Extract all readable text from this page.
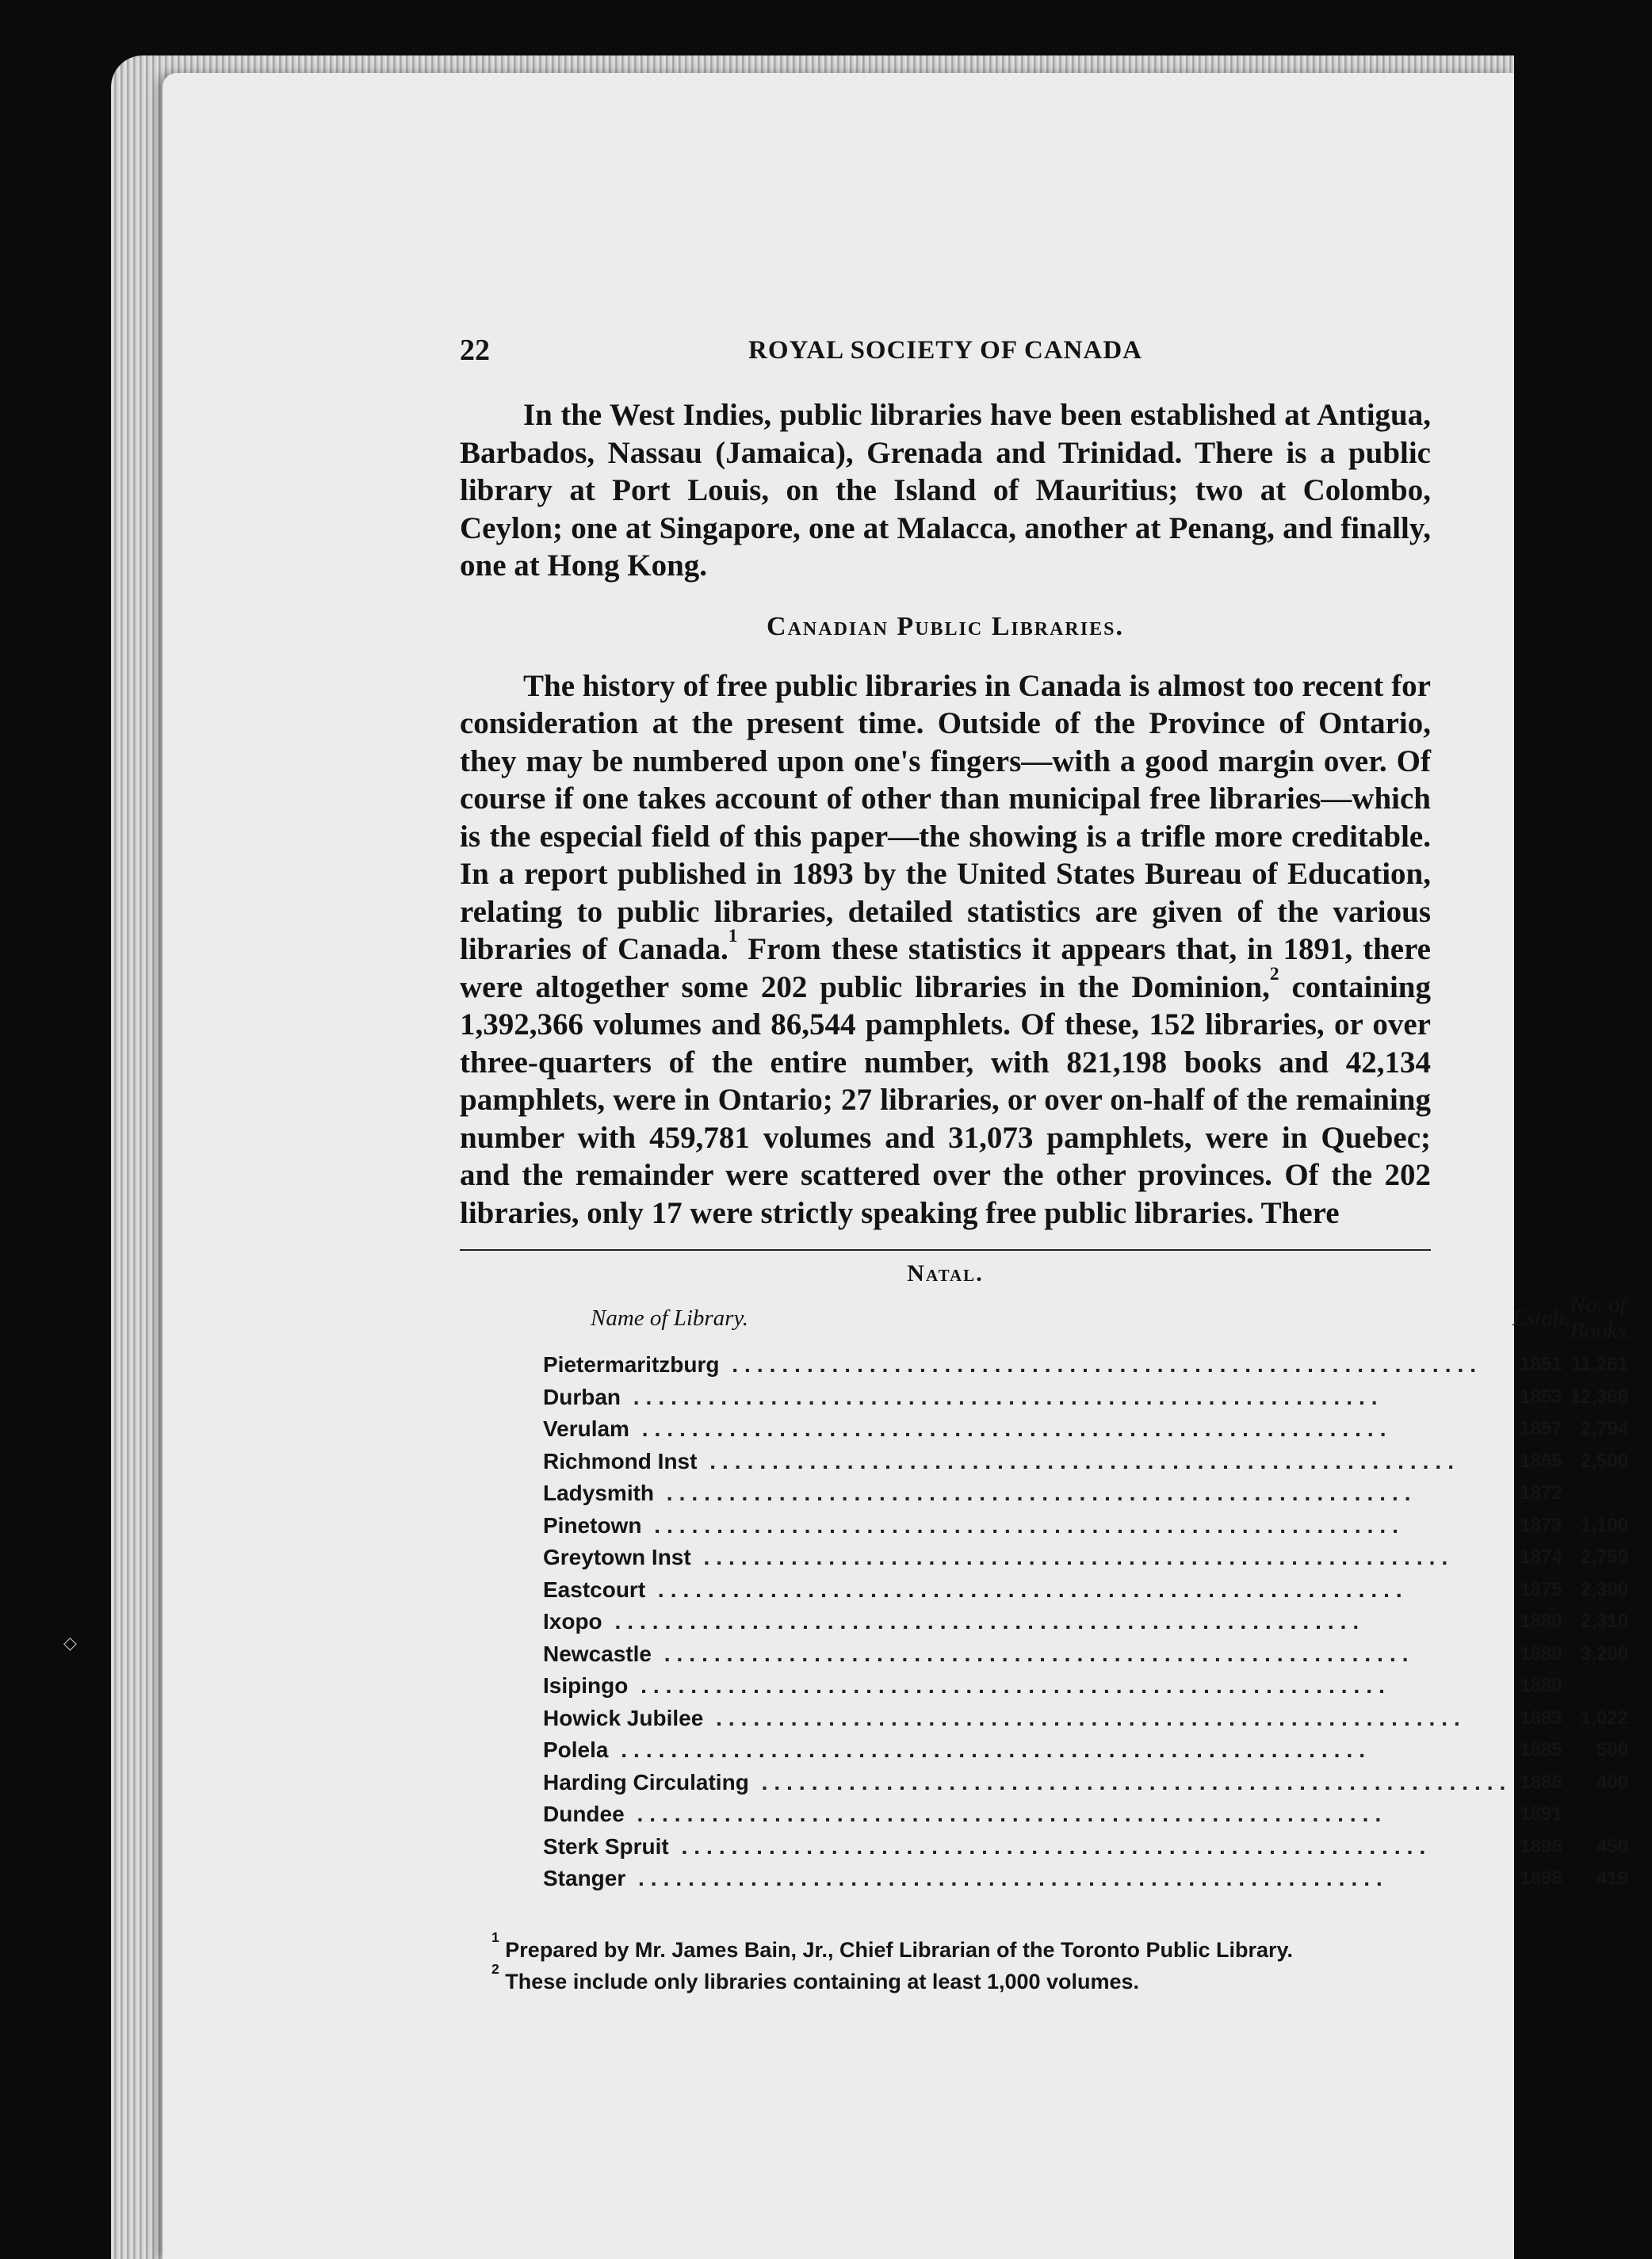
◇
22	ROYAL SOCIETY OF CANADA

In the West Indies, public libraries have been established at Antigua, Barbados, Nassau (Jamaica), Grenada and Trinidad. There is a public library at Port Louis, on the Island of Mauritius; two at Colombo, Ceylon; one at Singapore, one at Malacca, another at Penang, and finally, one at Hong Kong.

Canadian Public Libraries.

The history of free public libraries in Canada is almost too recent for consideration at the present time. Outside of the Province of Ontario, they may be numbered upon one's fingers—with a good margin over. Of course if one takes account of other than municipal free libraries—which is the especial field of this paper—the showing is a trifle more creditable. In a report published in 1893 by the United States Bureau of Education, relating to public libraries, detailed statistics are given of the various libraries of Canada.$^1$ From these statistics it appears that, in 1891, there were altogether some 202 public libraries in the Dominion,$^2$ containing 1,392,366 volumes and 86,544 pamphlets. Of these, 152 libraries, or over three-quarters of the entire number, with 821,198 books and 42,134 pamphlets, were in Ontario; 27 libraries, or over on-half of the remaining number with 459,781 volumes and 31,073 pamphlets, were in Quebec; and the remainder were scattered over the other provinces. Of the 202 libraries, only 17 were strictly speaking free public libraries. There

Natal.
Name of Library.	Estab.	No. of Books.
Pietermaritzburg ............................................................	1851	11,261
Durban ............................................................	1853	12,368
Verulam ............................................................	1857	2,794
Richmond Inst ............................................................	1865	2,500
Ladysmith ............................................................	1872	
Pinetown ............................................................	1873	1,100
Greytown Inst ............................................................	1874	2,759
Eastcourt ............................................................	1875	2,300
Ixopo ............................................................	1880	2,310
Newcastle ............................................................	1880	3,200
Isipingo ............................................................	1880	
Howick Jubilee ............................................................	1883	1,022
Polela ............................................................	1885	500
Harding Circulating ............................................................	1886	400
Dundee ............................................................	1891	
Sterk Spruit ............................................................	1896	450
Stanger ............................................................	1898	419

$^1$ Prepared by Mr. James Bain, Jr., Chief Librarian of the Toronto Public Library.

$^2$ These include only libraries containing at least 1,000 volumes.
